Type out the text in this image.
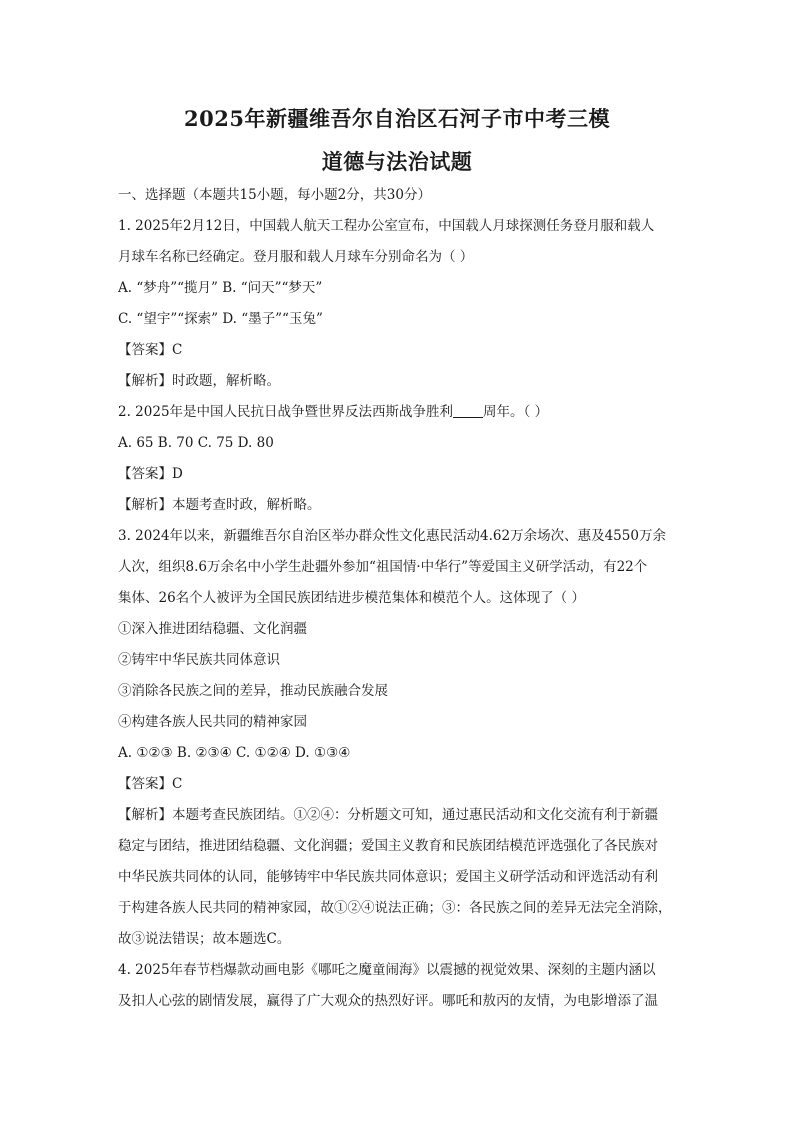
2025年新疆维吾尔自治区石河子市中考三模
道德与法治试题
一、选择题（本题共15小题，每小题2分，共30分）
1. 2025年2月12日，中国载人航天工程办公室宣布，中国载人月球探测任务登月服和载人
月球车名称已经确定。登月服和载人月球车分别命名为（ ）
A. “梦舟”“揽月” B. “问天”“梦天”
C. “望宇”“探索” D. “墨子”“玉兔”
【答案】C
【解析】时政题，解析略。
2. 2025年是中国人民抗日战争暨世界反法西斯战争胜利 周年。（ ）
A. 65 B. 70 C. 75 D. 80
【答案】D
【解析】本题考查时政，解析略。
3. 2024年以来，新疆维吾尔自治区举办群众性文化惠民活动4.62万余场次、惠及4550万余
人次，组织8.6万余名中小学生赴疆外参加“祖国情·中华行”等爱国主义研学活动，有22个
集体、26名个人被评为全国民族团结进步模范集体和模范个人。这体现了（ ）
①深入推进团结稳疆、文化润疆
②铸牢中华民族共同体意识
③消除各民族之间的差异，推动民族融合发展
④构建各族人民共同的精神家园
A. ①②③ B. ②③④ C. ①②④ D. ①③④
【答案】C
【解析】本题考查民族团结。①②④：分析题文可知，通过惠民活动和文化交流有利于新疆
稳定与团结，推进团结稳疆、文化润疆；爱国主义教育和民族团结模范评选强化了各民族对
中华民族共同体的认同，能够铸牢中华民族共同体意识；爱国主义研学活动和评选活动有利
于构建各族人民共同的精神家园，故①②④说法正确；③：各民族之间的差异无法完全消除，
故③说法错误；故本题选C。
4. 2025年春节档爆款动画电影《哪吒之魔童闹海》以震撼的视觉效果、深刻的主题内涵以
及扣人心弦的剧情发展，赢得了广大观众的热烈好评。哪吒和敖丙的友情，为电影增添了温
